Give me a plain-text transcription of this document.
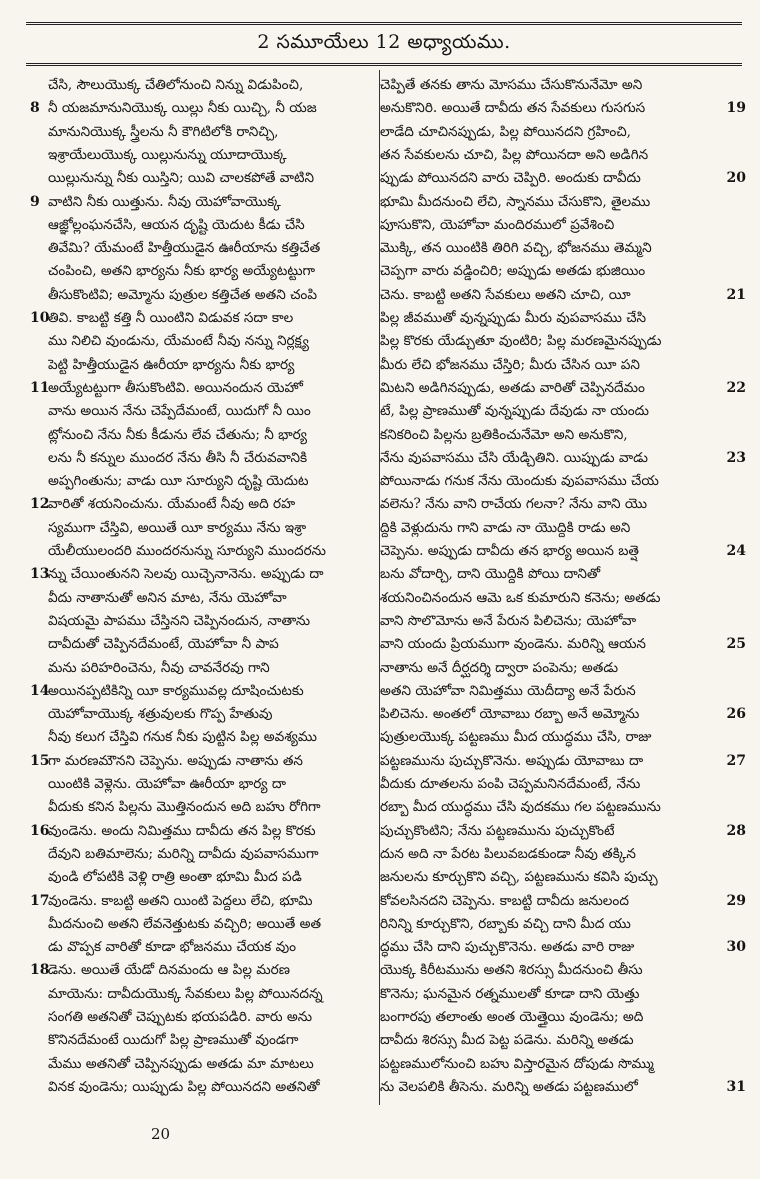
2 సమూయేలు 12 అధ్యాయము.
చేసి, సౌలుయొక్క చేతిలోనుంచి నిన్ను విడుపించి,
నీ యజమానునియొక్క యిల్లు నీకు యిచ్చి, నీ యజ
8
మానునియొక్క స్త్రీలను నీ కౌగిటిలోకి రానిచ్చి,
ఇశ్రాయేలుయొక్క యిల్లునున్ను యూదాయొక్క
యిల్లునున్ను నీకు యిస్తిని; యివి చాలకపోతే వాటిని
వాటిని నీకు యిత్తును. నీవు యెహోవాయొక్క
9
ఆజ్ఞోల్లంఘనచేసి, ఆయన దృష్టి యెదుట కీడు చేసి
తివేమి? యేమంటే హిత్తీయుడైన ఊరీయాను కత్తిచేత
చంపించి, అతని భార్యను నీకు భార్య అయ్యేటట్టుగా
తీసుకొంటివి; అమ్మోను పుత్రుల కత్తిచేత అతని చంపి
తివి. కాబట్టి కత్తి నీ యింటిని విడువక సదా కాల
10
ము నిలిచి వుండును, యేమంటే నీవు నన్ను నిర్లక్ష్య
పెట్టి హిత్తీయుడైన ఊరీయా భార్యను నీకు భార్య
అయ్యేటట్టుగా తీసుకొంటివి. అయినందున యెహో
11
వాను అయిన నేను చెప్పేదేమంటే, యిదుగో నీ యిం
ట్లోనుంచి నేను నీకు కీడును లేవ చేతును; నీ భార్య
లను నీ కన్నుల ముందర నేను తీసి నీ చేరువవానికి
అప్పగింతును; వాడు యీ సూర్యుని దృష్టి యెదుట
వారితో శయనించును. యేమంటే నీవు అది రహ
12
స్యముగా చేస్తివి, అయితే యీ కార్యము నేను ఇశ్రా
యేలీయులందరి ముందరనున్ను సూర్యుని ముందరను
న్ను చేయింతునని సెలవు యిచ్చెనానెను. అప్పుడు దా
13
వీదు నాతానుతో అనిన మాట, నేను యెహోవా
విషయమై పాపము చేస్తినని చెప్పినందున, నాతాను
దావీదుతో చెప్పినదేమంటే, యెహోవా నీ పాప
మను పరిహరించెను, నీవు చావనేరవు గాని
అయినప్పటికిన్ని యీ కార్యమువల్ల దూషించుటకు
14
యెహోవాయొక్క శత్రువులకు గొప్ప హేతువు
నీవు కలుగ చేస్తివి గనుక నీకు పుట్టిన పిల్ల అవశ్యము
గా మరణమౌనని చెప్పెను. అప్పుడు నాతాను తన
15
యింటికి వెళ్లెను. యెహోవా ఊరీయా భార్య దా
వీదుకు కనిన పిల్లను మొత్తినందున అది బహు రోగిగా
వుండెను. అందు నిమిత్తము దావీదు తన పిల్ల కొరకు
16
దేవుని బతిమాలెను; మరిన్ని దావీదు వుపవాసముగా
వుండి లోపటికి వెళ్లి రాత్రి అంతా భూమి మీద పడి
వుండెను. కాబట్టి అతని యింటి పెద్దలు లేచి, భూమి
17
మీదనుంచి అతని లేవనెత్తుటకు వచ్చిరి; అయితే అత
డు వొప్పక వారితో కూడా భోజనము చేయక వుం
డెను. అయితే యేడో దినమందు ఆ పిల్ల మరణ
18
మాయెను: దావీదుయొక్క సేవకులు పిల్ల పోయినదన్న
సంగతి అతనితో చెప్పుటకు భయపడిరి. వారు అను
కొనినదేమంటే యిదుగో పిల్ల ప్రాణముతో వుండగా
మేము అతనితో చెప్పినప్పుడు అతడు మా మాటలు
వినక వుండెను; యిప్పుడు పిల్ల పోయినదని అతనితో
చెప్పితే తనకు తాను మోసము చేసుకొనునేమో అని
అనుకొనిరి. అయితే దావీదు తన సేవకులు గుసగుస	19
లాడేది చూచినప్పుడు, పిల్ల పోయినదని గ్రహించి,
తన సేవకులను చూచి, పిల్ల పోయినదా అని అడిగిన
ప్పుడు పోయినదని వారు చెప్పిరి. అందుకు దావీదు	20
భూమి మీదనుంచి లేచి, స్నానము చేసుకొని, తైలము
పూసుకొని, యెహోవా మందిరములో ప్రవేశించి
మొక్కి, తన యింటికి తిరిగి వచ్చి, భోజనము తెమ్మని
చెప్పగా వారు వడ్డించిరి; అప్పుడు అతడు భుజియిం
చెను. కాబట్టి అతని సేవకులు అతని చూచి, యీ	21
పిల్ల జీవముతో వున్నప్పుడు మీరు వుపవాసము చేసి
పిల్ల కొరకు యేడ్చుతూ వుంటిరి; పిల్ల మరణమైనప్పుడు
మీరు లేచి భోజనము చేస్తిరి; మీరు చేసిన యీ పని
మిటని అడిగినప్పుడు, అతడు వారితో చెప్పినదేమం	22
టే, పిల్ల ప్రాణముతో వున్నప్పుడు దేవుడు నా యందు
కనికరించి పిల్లను బ్రతికించునేమో అని అనుకొని,
నేను వుపవాసము చేసి యేడ్చితిని. యిప్పుడు వాడు	23
పోయినాడు గనుక నేను యెందుకు వుపవాసము చేయ
వలెను? నేను వాని రాచేయ గలనా? నేను వాని యొ
ద్దికి వెళ్లుదును గాని వాడు నా యొద్దికి రాడు అని
చెప్పెను. అప్పుడు దావీదు తన భార్య అయిన బత్షె	24
బను వోదార్చి, దాని యొద్దికి పోయి దానితో
శయనించినందున ఆమె ఒక కుమారుని కనెను; అతడు
వాని సొలొమోను అనే పేరున పిలిచెను; యెహోవా
వాని యందు ప్రియముగా వుండెను. మరిన్ని ఆయన	25
నాతాను అనే దీర్ఘదర్శి ద్వారా పంపెను; అతడు
అతని యెహోవా నిమిత్తము యెదీద్యా అనే పేరున
పిలిచెను. అంతలో యోవాబు రబ్బా అనే అమ్మోను	26
పుత్రులయొక్క పట్టణము మీద యుద్ధము చేసి, రాజు
పట్టణమును పుచ్చుకొనెను. అప్పుడు యోవాబు దా	27
వీదుకు దూతలను పంపి చెప్పమనినదేమంటే, నేను
రబ్బా మీద యుద్ధము చేసి వుదకము గల పట్టణమును
పుచ్చుకొంటిని; నేను పట్టణమును పుచ్చుకొంటే	28
దున అది నా పేరట పిలువబడకుండా నీవు తక్కిన
జనులను కూర్చుకొని వచ్చి, పట్టణమును కవిసి పుచ్చు
కోవలసినదని చెప్పెను. కాబట్టి దావీదు జనులంద	29
రినిన్ని కూర్చుకొని, రబ్బాకు వచ్చి దాని మీద యు
ద్ధము చేసి దాని పుచ్చుకొనెను. అతడు వారి రాజు	30
యొక్క కిరీటమును అతని శిరస్సు మీదనుంచి తీసు
కొనెను; ఘనమైన రత్నములతో కూడా దాని యెత్తు
బంగారపు తలాంతు అంత యెత్తైయి వుండెను; అది
దావీదు శిరస్సు మీద పెట్ట పడెను. మరిన్ని అతడు
పట్టణములోనుంచి బహు విస్తారమైన దోపుడు సొమ్ము
ను వెలపలికి తీసెను. మరిన్ని అతడు పట్టణములో	31
20
